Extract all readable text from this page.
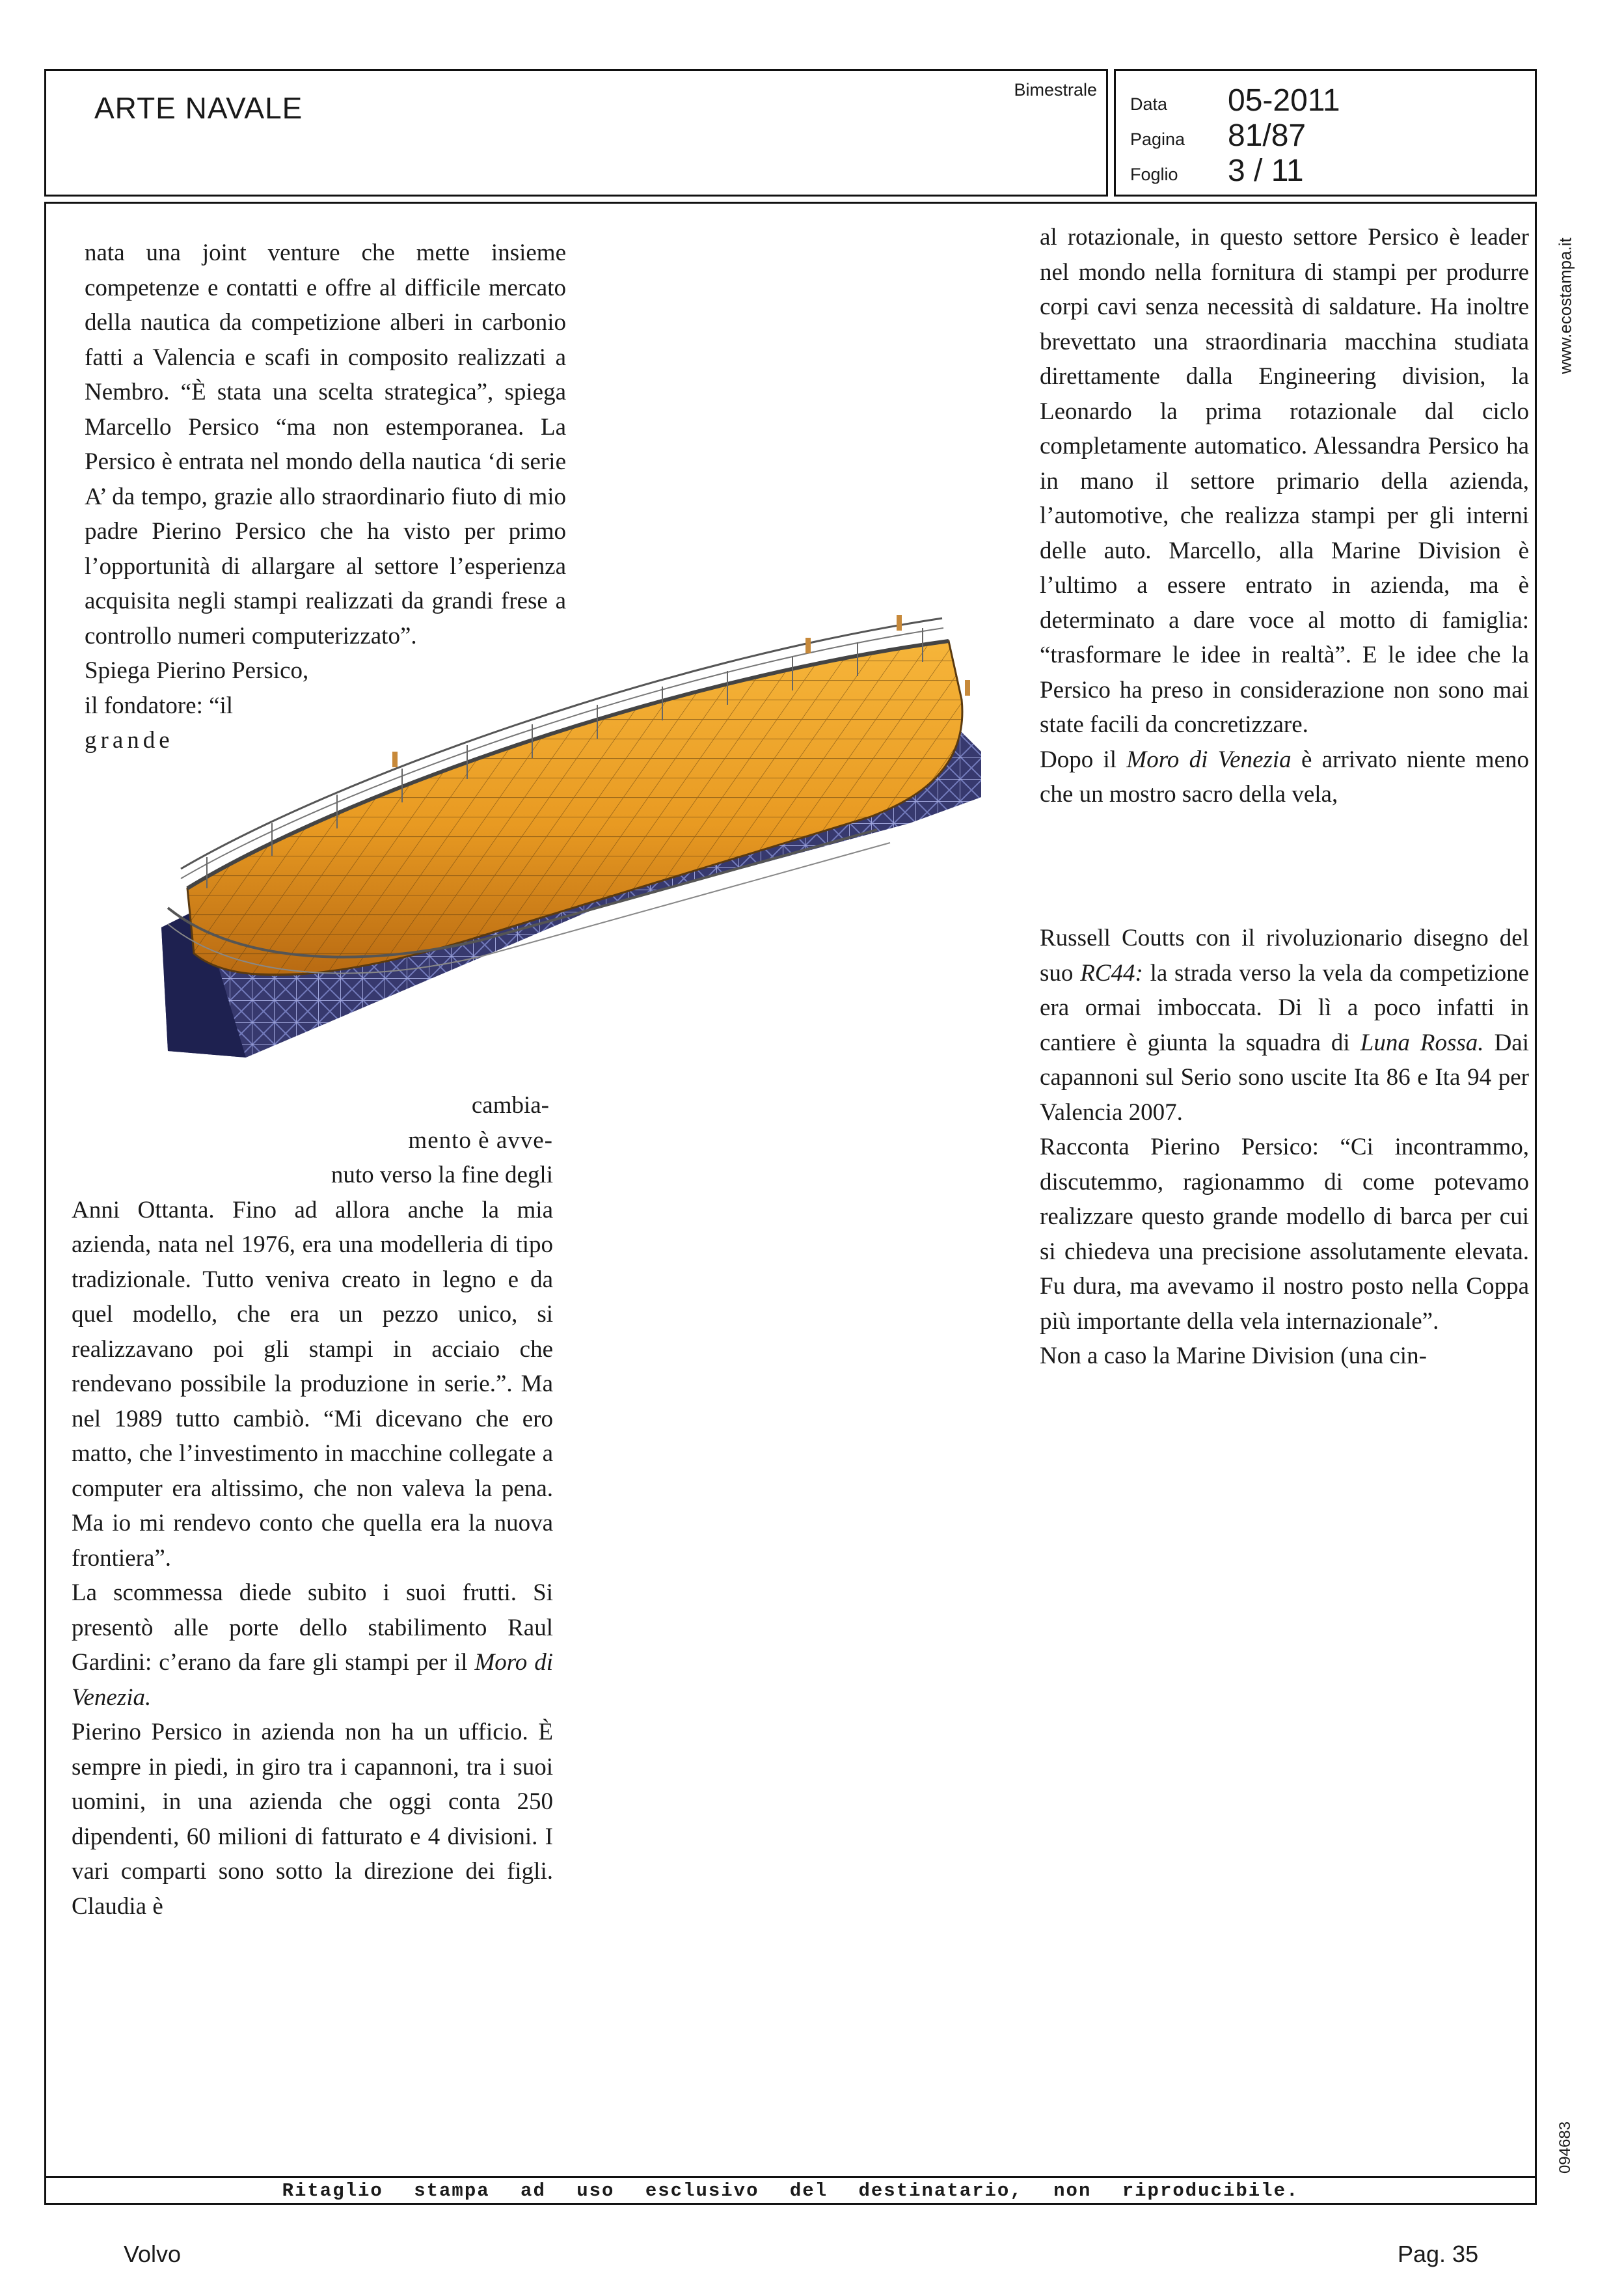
ARTE NAVALE
Bimestrale
Data	05-2011
Pagina	81/87
Foglio	3 / 11
www.ecostampa.it
094683
Ritaglio stampa ad uso esclusivo del destinatario, non riproducibile.

nata una joint venture che mette insieme competenze e contatti e offre al difficile mercato della nautica da competizione alberi in carbonio fatti a Valencia e scafi in composito realizzati a Nembro. “È stata una scelta strategica”, spiega Marcello Persico “ma non estemporanea. La Persico è entrata nel mondo della nautica ‘di serie A’ da tempo, grazie allo straordinario fiuto di mio padre Pierino Persico che ha visto per primo l’opportunità di allargare al settore l’esperienza acquisita negli stampi realizzati da grandi frese a controllo numeri computerizzato”.

Spiega Pierino Persico,

il fondatore: “il

grande

cambia-

mento è avve-

nuto verso la fine degli

Anni Ottanta. Fino ad allora anche la mia azienda, nata nel 1976, era una modelleria di tipo tradizionale. Tutto veniva creato in legno e da quel modello, che era un pezzo unico, si realizzavano poi gli stampi in acciaio che rendevano possibile la produzione in serie.”. Ma nel 1989 tutto cambiò. “Mi dicevano che ero matto, che l’investimento in macchine collegate a computer era altissimo, che non valeva la pena. Ma io mi rendevo conto che quella era la nuova frontiera”.

La scommessa diede subito i suoi frutti. Si presentò alle porte dello stabilimento Raul Gardini: c’erano da fare gli stampi per il Moro di Venezia.

Pierino Persico in azienda non ha un ufficio. È sempre in piedi, in giro tra i capannoni, tra i suoi uomini, in una azienda che oggi conta 250 dipendenti, 60 milioni di fatturato e 4 divisioni. I vari comparti sono sotto la direzione dei figli. Claudia è

al rotazionale, in questo settore Persico è leader nel mondo nella fornitura di stampi per produrre corpi cavi senza necessità di saldature. Ha inoltre brevettato una straordinaria macchina studiata direttamente dalla Engineering division, la Leonardo la prima rotazionale dal ciclo completamente automatico. Alessandra Persico ha in mano il settore primario della azienda, l’automotive, che realizza stampi per gli interni delle auto. Marcello, alla Marine Division è l’ultimo a essere entrato in azienda, ma è determinato a dare voce al motto di famiglia: “trasformare le idee in realtà”. E le idee che la Persico ha preso in considerazione non sono mai state facili da concretizzare.

Dopo il Moro di Venezia è arrivato niente meno che un mostro sacro della vela,

Russell Coutts con il rivoluzionario disegno del suo RC44: la strada verso la vela da competizione era ormai imboccata. Di lì a poco infatti in cantiere è giunta la squadra di Luna Rossa. Dai capannoni sul Serio sono uscite Ita 86 e Ita 94 per Valencia 2007.

Racconta Pierino Persico: “Ci incontrammo, discutemmo, ragionammo di come potevamo realizzare questo grande modello di barca per cui si chiedeva una precisione assolutamente elevata. Fu dura, ma avevamo il nostro posto nella Coppa più importante della vela internazionale”.

Non a caso la Marine Division (una cin-

Volvo	Pag. 35
